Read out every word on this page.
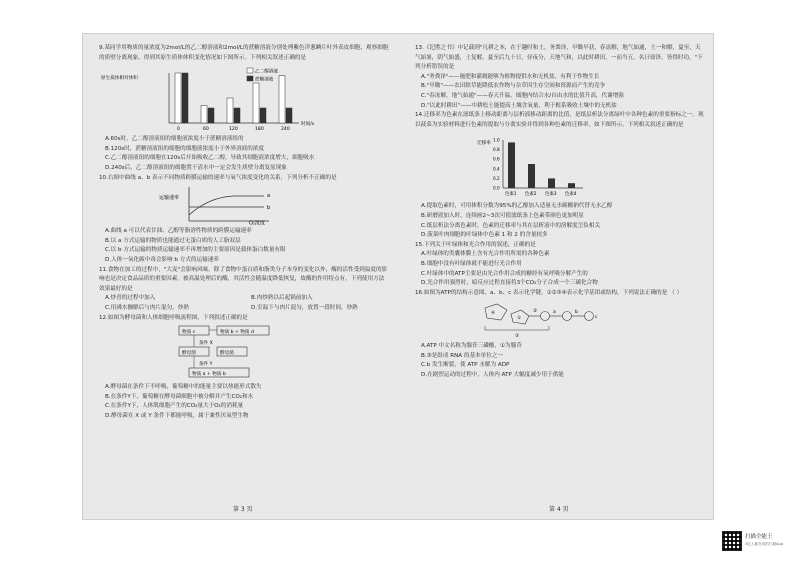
9.某同学用物质的量浓度为2mol/L的乙二醇溶液和2mol/L的蔗糖溶液分别处理紫色洋葱鳞片叶外表皮细胞，观察细胞的质壁分离现象，得到其原生质体体积变化情况如下图所示。下列相关叙述正确的是

原生质体相对体积
时间/s
0	60	120	180	240
乙二醇溶液
蔗糖溶液

A.60s时，乙二醇溶液组的细胞液浓度小于蔗糖溶液组的

B.120s时，蔗糖溶液组的细胞的细胞液浓度小于外界溶液的浓度

C.乙二醇溶液组的细胞在120s后开始吸收乙二醇，导致其细胞液浓度增大，细胞吸水

D.240s后，乙二醇溶液组的细胞置于清水中一定会发生质壁分离复原现象

10.右图中曲线 a、b 表示不同物质跨膜运输的速率与氧气浓度变化的关系，下列分析不正确的是

运输速率
O₂浓度
a
b

A.曲线 a 可以代表甘油、乙醇等脂溶性物质的跨膜运输速率

B.以 a 方式运输的物质也能通过无蛋白质的人工脂双层

C.以 b 方式运输的物质运输速率不再增加的主要原因是载体蛋白数量有限

D.人体一氧化碳中毒会影响 b 方式的运输速率

11.食物在加工的过程中，"大麦"会影响风味。除了食物中蛋白质和脂类分子本身的变化以外，酶的活性受到温度的影响也是决定食品品质的重要因素。被高温处理后的酶，其活性会随温度降低恢复，故酶的作用特点有，下列使用方法效果最好的是

A.炒青的过程中加入	B.肉炒熟以后起锅前加入
C.用沸水搁解后与肉片混匀，炒熟	D.室温下与肉片混匀，放置一段时间，炒熟

12.如图为酵母菌和人体细胞呼吸流程图，下列叙述正确的是

物质 c	物质 b + 物质 d
条件 X
酵母菌	酵母菌
条件 Y
物质 a + 物质 b

A.酵母菌在条件下不呼吸，葡萄糖中的能量主要以热能形式散失

B.在条件Y下，葡萄糖在酵母菌细胞中被分解并产生CO₂和水

C.在条件Y下，人体肌细胞产生的CO₂量大于O₂的消耗量

D.酵母菌在 X 或 Y 条件下都能呼吸，属于兼性厌氧型生物

第 3 页

13.《汜胜之书》中记载到"凡耕之本，在于趣时和土，务粪泽，早锄早获，春冻解，地气始通，土一和解，夏至，天气始暑，阴气始盛，土复解，夏至后九十日，昼夜分，天地气和，以此时耕田，一而当五，名曰膏泽，皆得时功。"下列分析错误的是

A."务粪泽"——施肥和灌溉能够为植物提供水和无机盐，有利于作物生长

B."早锄"——农田除草能降低农作物与杂草因生存空间和资源而产生的竞争

C."春冻解，地气始通"——春天升温，细胞内结合水/自由水的比值升高，代谢增强

D."以此时耕田"——中耕松土能提高土壤含氧量，利于根系吸收土壤中的无机盐

14.迁移率为色素在滤纸条上移动距离与层析液移动距离的比值，是纸层析法分离绿叶中各种色素的重要指标之一。现以菠菜为实验材料进行色素的提取与分离实验并得到各种色素的迁移率，如下图所示。下列相关叙述正确的是

迁移率
0.0
0.2
0.4
0.6
0.8
1.0
色素1 色素2 色素3 色素4

A.提取色素时，可用体积分数为95%的乙醇加入适量无水碳酸钠代替无水乙醇

B.研磨液加入时，连续画2~3次可使滤纸条上色素带颜色更加明显

C.纸层析法分离色素时，色素的迁移率与其在层析液中的溶解度呈负相关

D.菠菜叶肉细胞的叶绿体中色素 1 和 2 的含量较多

15.下列关于叶绿体和光合作用的叙述，正确的是

A.叶绿体的类囊体膜上含有光合作用所需的各种色素

B.细胞中没有叶绿体就不能进行光合作用

C.叶绿体中的ATP主要是由光合作用合成的糖经有氧呼吸分解产生的

D.光合作用强烈时，暗反应过程直接将3个CO₂分子合成一个三碳化合物

16.如图为ATP的结构示意图，a、b、c 表示化学键，①②③④表示化学基团或结构，下列说法正确的是 （ ）

④
①
②	a	b
c
③

A.ATP 中文名称为腺苷三磷酸，①为腺苷

B.③是组成 RNA 的基本单位之一

C.b 发生断裂，使 ATP 水解为 ADP

D.在剧烈运动的过程中，人体内 ATP 大幅度减少用于供能

第 4 页
扫描全能王
3亿人都在用的扫描App
